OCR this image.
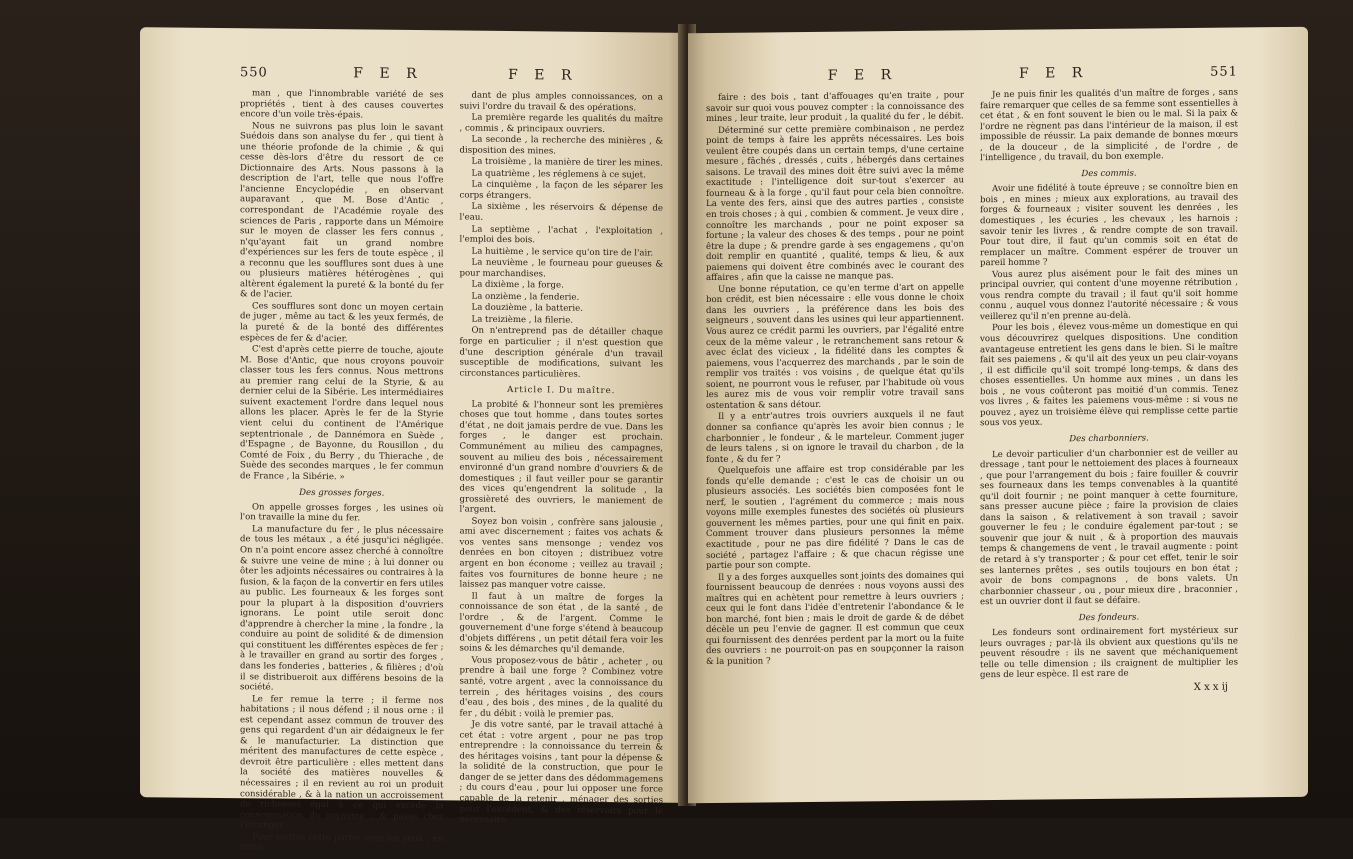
550	F E R	F E R

man , que l'innombrable variété de ses propriétés , tient à des causes couvertes encore d'un voile très-épais.

Nous ne suivrons pas plus loin le savant Suédois dans son analyse du fer , qui tient à une théorie profonde de la chimie , & qui cesse dès-lors d'être du ressort de ce Dictionnaire des Arts. Nous passons à la description de l'art, telle que nous l'offre l'ancienne Encyclopédie , en observant auparavant , que M. Bose d'Antic , correspondant de l'Académie royale des sciences de Paris , rapporte dans un Mémoire sur le moyen de classer les fers connus , n'qu'ayant fait un grand nombre d'expériences sur les fers de toute espèce , il a reconnu que les soufflures sont dues à une ou plusieurs matières hétérogènes , qui altèrent également la pureté & la bonté du fer & de l'acier.

Ces soufflures sont donc un moyen certain de juger , même au tact & les yeux fermés, de la pureté & de la bonté des différentes espèces de fer & d'acier.

C'est d'après cette pierre de touche, ajoute M. Bose d'Antic, que nous croyons pouvoir classer tous les fers connus. Nous mettrons au premier rang celui de la Styrie, & au dernier celui de la Sibérie. Les intermédiaires suivent exactement l'ordre dans lequel nous allons les placer. Après le fer de la Styrie vient celui du continent de l'Amérique septentrionale , de Dannémora en Suède , d'Espagne , de Bayonne, du Rousillon , du Comté de Foix , du Berry , du Thierache , de Suède des secondes marques , le fer commun de France , la Sibérie. »

Des grosses forges.

On appelle grosses forges , les usines où l'on travaille la mine du fer.

La manufacture du fer , le plus nécessaire de tous les métaux , a été jusqu'ici négligée. On n'a point encore assez cherché à connoître & suivre une veine de mine ; à lui donner ou ôter les adjoints nécessaires ou contraires à la fusion, & la façon de la convertir en fers utiles au public. Les fourneaux & les forges sont pour la plupart à la disposition d'ouvriers ignorans. Le point utile seroit donc d'apprendre à chercher la mine , la fondre , la conduire au point de solidité & de dimension qui constituent les différentes espèces de fer ; à le travailler en grand au sortir des forges , dans les fonderies , batteries , & filières ; d'où il se distribueroit aux différens besoins de la société.

Le fer remue la terre ; il ferme nos habitations ; il nous défend ; il nous orne : il est cependant assez commun de trouver des gens qui regardent d'un air dédaigneux le fer & le manufacturier. La distinction que méritent des manufactures de cette espèce , devroit être particulière : elles mettent dans la société des matières nouvelles & nécessaires ; il en revient au roi un produit considérable , & à la nation un accroissement de richesses égal à ce qui excède la consommation du royaume , & passe chez l'étranger.

Pour mettre cette partie sous les yeux , en atten-

dant de plus amples connoissances, on a suivi l'ordre du travail & des opérations.

La première regarde les qualités du maître , commis , & principaux ouvriers.

La seconde , la recherche des minières , & disposition des mines.

La troisième , la manière de tirer les mines.

La quatrième , les réglemens à ce sujet.

La cinquième , la façon de les séparer les corps étrangers.

La sixième , les réservoirs & dépense de l'eau.

La septième , l'achat , l'exploitation , l'emploi des bois.

La huitième , le service qu'on tire de l'air.

La neuvième , le fourneau pour gueuses & pour marchandises.

La dixième , la forge.

La onzième , la fenderie.

La douzième , la batterie.

La treizième , la filerie.

On n'entreprend pas de détailler chaque forge en particulier ; il n'est question que d'une description générale d'un travail susceptible de modifications, suivant les circonstances particulières.

Article I. Du maître.

La probité & l'honneur sont les premières choses que tout homme , dans toutes sortes d'état , ne doit jamais perdre de vue. Dans les forges , le danger est prochain. Communément au milieu des campagnes, souvent au milieu des bois , nécessairement environné d'un grand nombre d'ouvriers & de domestiques ; il faut veiller pour se garantir des vices qu'engendrent la solitude , la grossièreté des ouvriers, le maniement de l'argent.

Soyez bon voisin , confrère sans jalousie , ami avec discernement ; faites vos achats & vos ventes sans mensonge ; vendez vos denrées en bon citoyen ; distribuez votre argent en bon économe ; veillez au travail ; faites vos fournitures de bonne heure ; ne laissez pas manquer votre caisse.

Il faut à un maître de forges la connoissance de son état , de la santé , de l'ordre , & de l'argent. Comme le gouvernement d'une forge s'étend à beaucoup d'objets différens , un petit détail fera voir les soins & les démarches qu'il demande.

Vous proposez-vous de bâtir , acheter , ou prendre à bail une forge ? Combinez votre santé, votre argent , avec la connoissance du terrein , des héritages voisins , des cours d'eau , des bois , des mines , de la qualité du fer , du débit : voilà le premier pas.

Je dis votre santé, par le travail attaché à cet état : votre argent , pour ne pas trop entreprendre : la connoissance du terrein & des héritages voisins , tant pour la dépense & la solidité de la construction, que pour le danger de se jetter dans des dédommagemens ; du cours d'eau , pour lui opposer une force capable de la retenir , ménager des sorties pour l'excédent, & des réservoirs pour le nécessaire.

F E R	F E R	551

faire : des bois , tant d'affouages qu'en traite , pour savoir sur quoi vous pouvez compter : la connoissance des mines , leur traite, leur produit , la qualité du fer , le débit.

Déterminé sur cette première combinaison , ne perdez point de temps à faire les apprêts nécessaires. Les bois veulent être coupés dans un certain temps, d'une certaine mesure , fâchés , dressés , cuits , hébergés dans certaines saisons. Le travail des mines doit être suivi avec la même exactitude : l'intelligence doit sur-tout s'exercer au fourneau & à la forge , qu'il faut pour cela bien connoître. La vente des fers, ainsi que des autres parties , consiste en trois choses ; à qui , combien & comment. Je veux dire , connoître les marchands , pour ne point exposer sa fortune ; la valeur des choses & des temps , pour ne point être la dupe ; & prendre garde à ses engagemens , qu'on doit remplir en quantité , qualité, temps & lieu, & aux paiemens qui doivent être combinés avec le courant des affaires , afin que la caisse ne manque pas.

Une bonne réputation, ce qu'en terme d'art on appelle bon crédit, est bien nécessaire : elle vous donne le choix dans les ouvriers , la préférence dans les bois des seigneurs , souvent dans les usines qui leur appartiennent. Vous aurez ce crédit parmi les ouvriers, par l'égalité entre ceux de la même valeur , le retranchement sans retour & avec éclat des vicieux , la fidélité dans les comptes & paiemens, vous l'acquerrez des marchands , par le soin de remplir vos traités : vos voisins , de quelque état qu'ils soient, ne pourront vous le refuser, par l'habitude où vous les aurez mis de vous voir remplir votre travail sans ostentation & sans détour.

Il y a entr'autres trois ouvriers auxquels il ne faut donner sa confiance qu'après les avoir bien connus ; le charbonnier , le fondeur , & le marteleur. Comment juger de leurs talens , si on ignore le travail du charbon , de la fonte , & du fer ?

Quelquefois une affaire est trop considérable par les fonds qu'elle demande ; c'est le cas de choisir un ou plusieurs associés. Les sociétés bien composées font le nerf, le soutien , l'agrément du commerce ; mais nous voyons mille exemples funestes des sociétés où plusieurs gouvernent les mêmes parties, pour une qui finit en paix. Comment trouver dans plusieurs personnes la même exactitude , pour ne pas dire fidélité ? Dans le cas de société , partagez l'affaire ; & que chacun régisse une partie pour son compte.

Il y a des forges auxquelles sont joints des domaines qui fournissent beaucoup de denrées : nous voyons aussi des maîtres qui en achètent pour remettre à leurs ouvriers ; ceux qui le font dans l'idée d'entretenir l'abondance & le bon marché, font bien ; mais le droit de garde & de débet décèle un peu l'envie de gagner. Il est commun que ceux qui fournissent des denrées perdent par la mort ou la fuite des ouvriers : ne pourroit-on pas en soupçonner la raison & la punition ?

Je ne puis finir les qualités d'un maître de forges , sans faire remarquer que celles de sa femme sont essentielles à cet état , & en font souvent le bien ou le mal. Si la paix & l'ordre ne règnent pas dans l'intérieur de la maison, il est impossible de réussir. La paix demande de bonnes mœurs , de la douceur , de la simplicité , de l'ordre , de l'intelligence , du travail, du bon exemple.

Des commis.

Avoir une fidélité à toute épreuve ; se connoître bien en bois , en mines ; mieux aux explorations, au travail des forges & fourneaux ; visiter souvent les denrées , les domestiques , les écuries , les chevaux , les harnois ; savoir tenir les livres , & rendre compte de son travail. Pour tout dire, il faut qu'un commis soit en état de remplacer un maître. Comment espérer de trouver un pareil homme ?

Vous aurez plus aisément pour le fait des mines un principal ouvrier, qui content d'une moyenne rétribution , vous rendra compte du travail ; il faut qu'il soit homme connu , auquel vous donnez l'autorité nécessaire ; & vous veillerez qu'il n'en prenne au-delà.

Pour les bois , élevez vous-même un domestique en qui vous découvrirez quelques dispositions. Une condition avantageuse entretient les gens dans le bien. Si le maître fait ses paiemens , & qu'il ait des yeux un peu clair-voyans , il est difficile qu'il soit trompé long-temps, & dans des choses essentielles. Un homme aux mines , un dans les bois , ne vous coûteront pas moitié d'un commis. Tenez vos livres , & faites les paiemens vous-même : si vous ne pouvez , ayez un troisième élève qui remplisse cette partie sous vos yeux.

Des charbonniers.

Le devoir particulier d'un charbonnier est de veiller au dressage , tant pour le nettoiement des places à fourneaux , que pour l'arrangement du bois ; faire fouiller & couvrir ses fourneaux dans les temps convenables à la quantité qu'il doit fournir ; ne point manquer à cette fourniture, sans presser aucune pièce ; faire la provision de claies dans la saison , & relativement à son travail ; savoir gouverner le feu ; le conduire également par-tout ; se souvenir que jour & nuit , & à proportion des mauvais temps & changemens de vent , le travail augmente : point de retard à s'y transporter ; & pour cet effet, tenir le soir ses lanternes prêtes , ses outils toujours en bon état ; avoir de bons compagnons , de bons valets. Un charbonnier chasseur , ou , pour mieux dire , braconnier , est un ouvrier dont il faut se défaire.

Des fondeurs.

Les fondeurs sont ordinairement fort mystérieux sur leurs ouvrages ; par-là ils obvient aux questions qu'ils ne peuvent résoudre : ils ne savent que méchaniquement telle ou telle dimension ; ils craignent de multiplier les gens de leur espèce. Il est rare de

X x x ij
